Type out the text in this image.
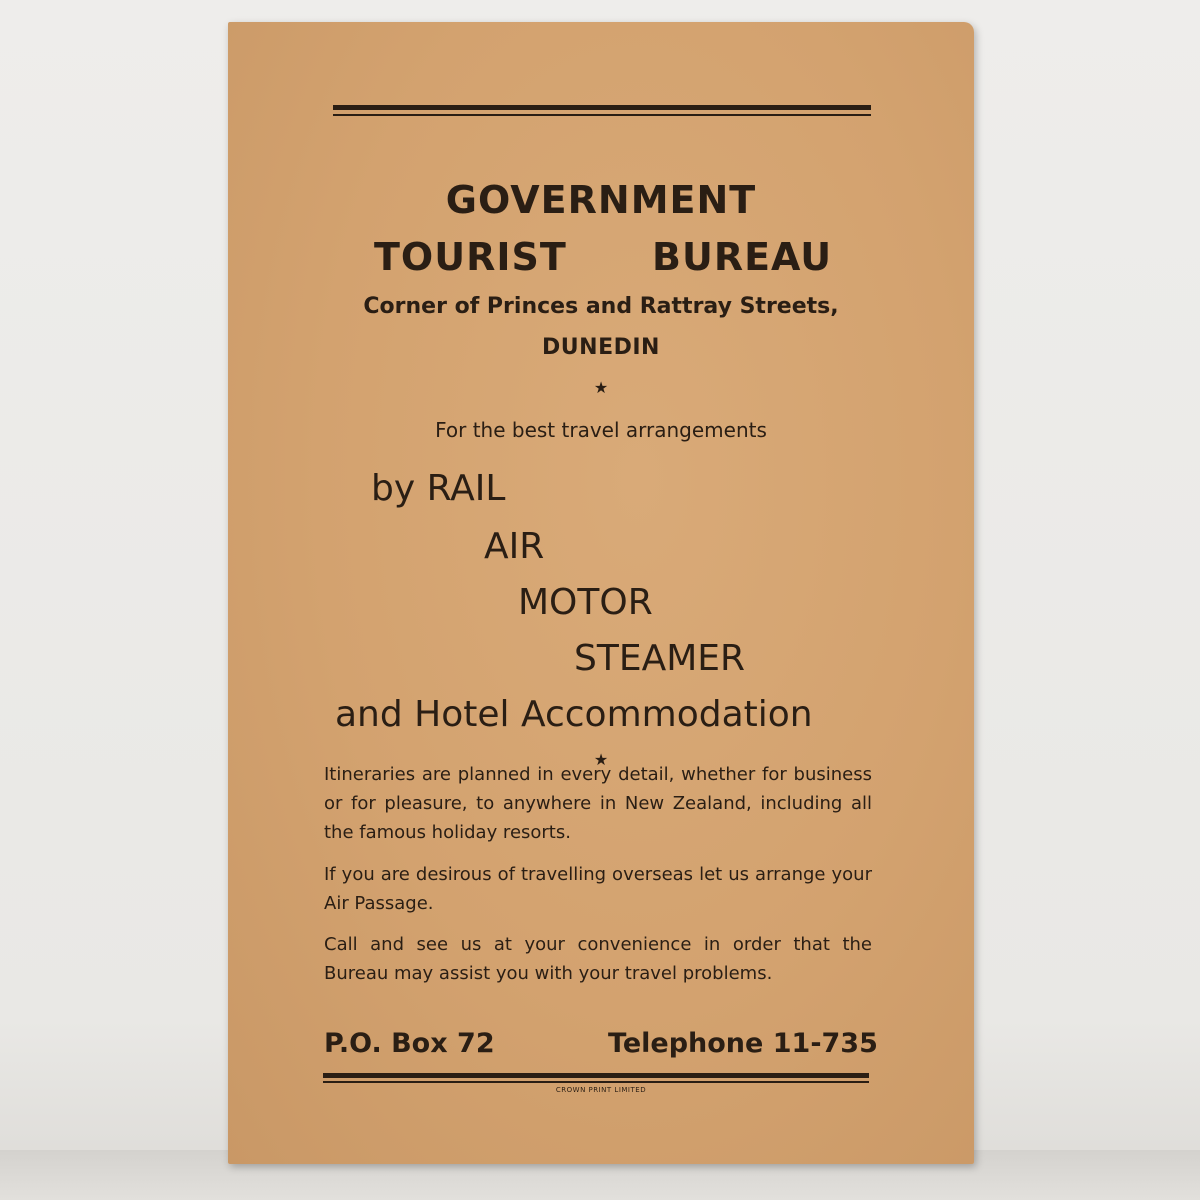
GOVERNMENT
TOURIST BUREAU
Corner of Princes and Rattray Streets,
DUNEDIN
★
For the best travel arrangements
by RAIL
AIR
MOTOR
STEAMER
and Hotel Accommodation
★
Itineraries are planned in every detail, whether for business or for pleasure, to anywhere in New Zealand, including all the famous holiday resorts.
If you are desirous of travelling overseas let us arrange your Air Passage.
Call and see us at your convenience in order that the Bureau may assist you with your travel problems.
P.O. Box 72	Telephone 11-735
CROWN PRINT LIMITED
